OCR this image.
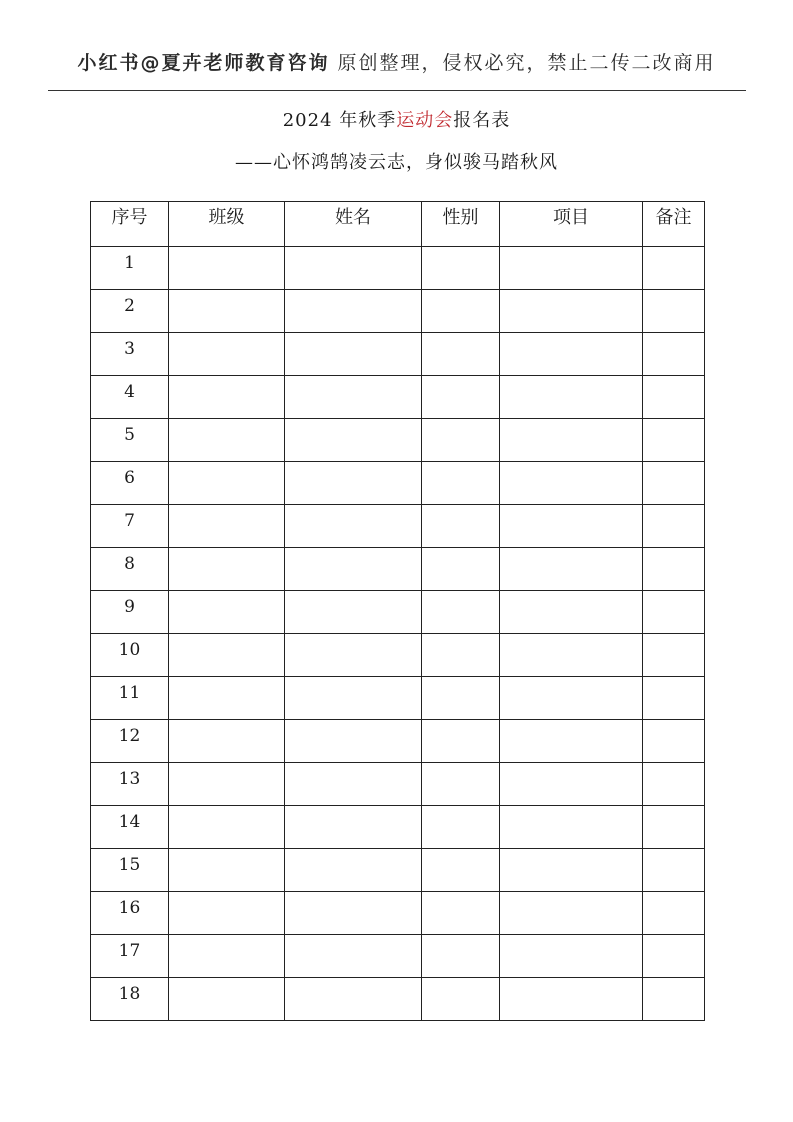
小红书@夏卉老师教育咨询 原创整理，侵权必究，禁止二传二改商用
2024 年秋季运动会报名表
——心怀鸿鹄凌云志，身似骏马踏秋风
序号	班级	姓名	性别	项目	备注
1					
2					
3					
4					
5					
6					
7					
8					
9					
10					
11					
12					
13					
14					
15					
16					
17					
18					
